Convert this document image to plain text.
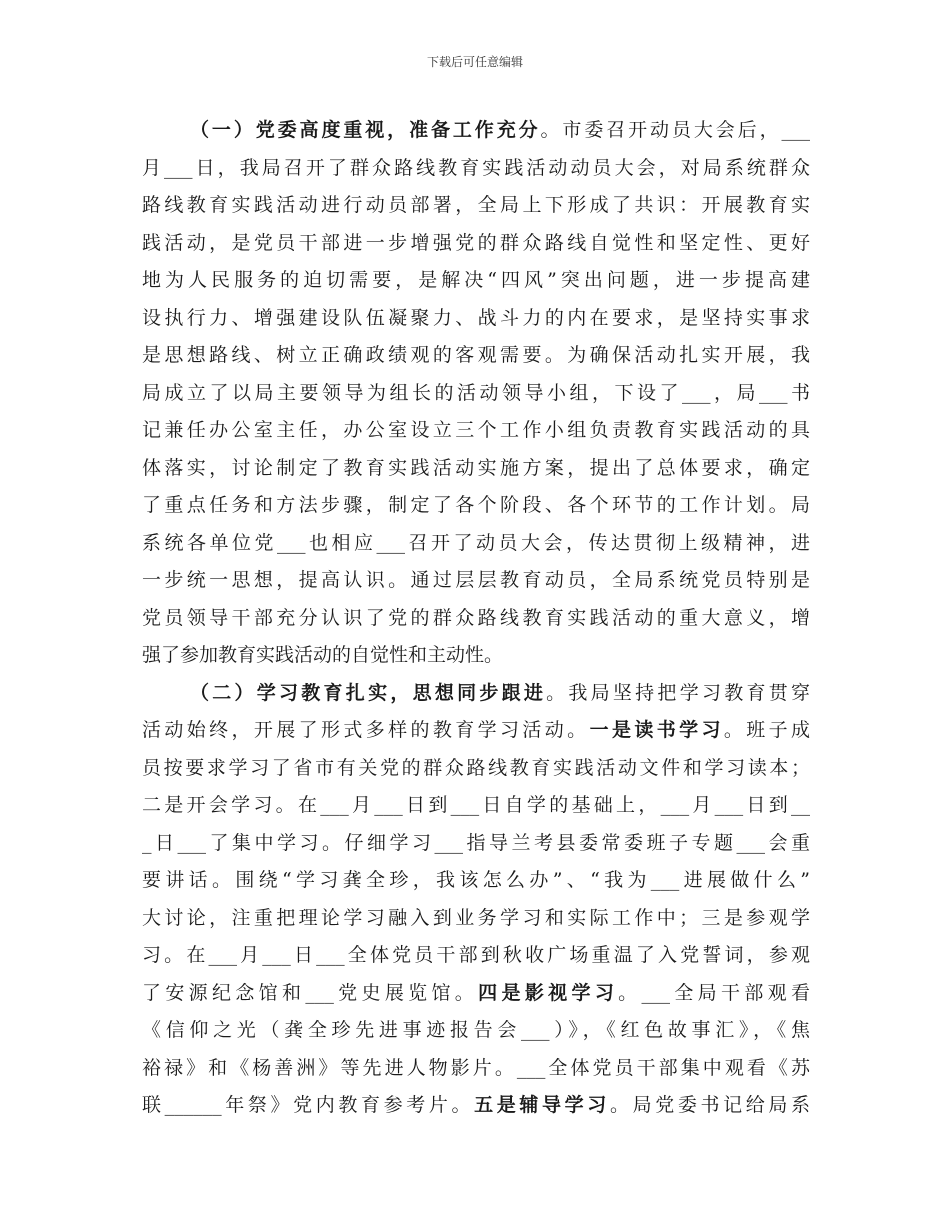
下载后可任意编辑
（一）党委高度重视，准备工作充分。市委召开动员大会后，___
月___日，我局召开了群众路线教育实践活动动员大会，对局系统群众
路线教育实践活动进行动员部署，全局上下形成了共识：开展教育实
践活动，是党员干部进一步增强党的群众路线自觉性和坚定性、更好
地为人民服务的迫切需要，是解决“四风”突出问题，进一步提高建
设执行力、增强建设队伍凝聚力、战斗力的内在要求，是坚持实事求
是思想路线、树立正确政绩观的客观需要。为确保活动扎实开展，我
局成立了以局主要领导为组长的活动领导小组，下设了___，局___书
记兼任办公室主任，办公室设立三个工作小组负责教育实践活动的具
体落实，讨论制定了教育实践活动实施方案，提出了总体要求，确定
了重点任务和方法步骤，制定了各个阶段、各个环节的工作计划。局
系统各单位党___也相应___召开了动员大会，传达贯彻上级精神，进
一步统一思想，提高认识。通过层层教育动员，全局系统党员特别是
党员领导干部充分认识了党的群众路线教育实践活动的重大意义，增
强了参加教育实践活动的自觉性和主动性。
（二）学习教育扎实，思想同步跟进。我局坚持把学习教育贯穿
活动始终，开展了形式多样的教育学习活动。一是读书学习。班子成
员按要求学习了省市有关党的群众路线教育实践活动文件和学习读本；
二是开会学习。在___月___日到___日自学的基础上，___月___日到__
_日___了集中学习。仔细学习___指导兰考县委常委班子专题___会重
要讲话。围绕“学习龚全珍，我该怎么办”、“我为___进展做什么”
大讨论，注重把理论学习融入到业务学习和实际工作中；三是参观学
习。在___月___日___全体党员干部到秋收广场重温了入党誓词，参观
了安源纪念馆和___党史展览馆。四是影视学习。___全局干部观看
《信仰之光（龚全珍先进事迹报告会___）》，《红色故事汇》，《焦
裕禄》和《杨善洲》等先进人物影片。___全体党员干部集中观看《苏
联______年祭》党内教育参考片。五是辅导学习。局党委书记给局系
